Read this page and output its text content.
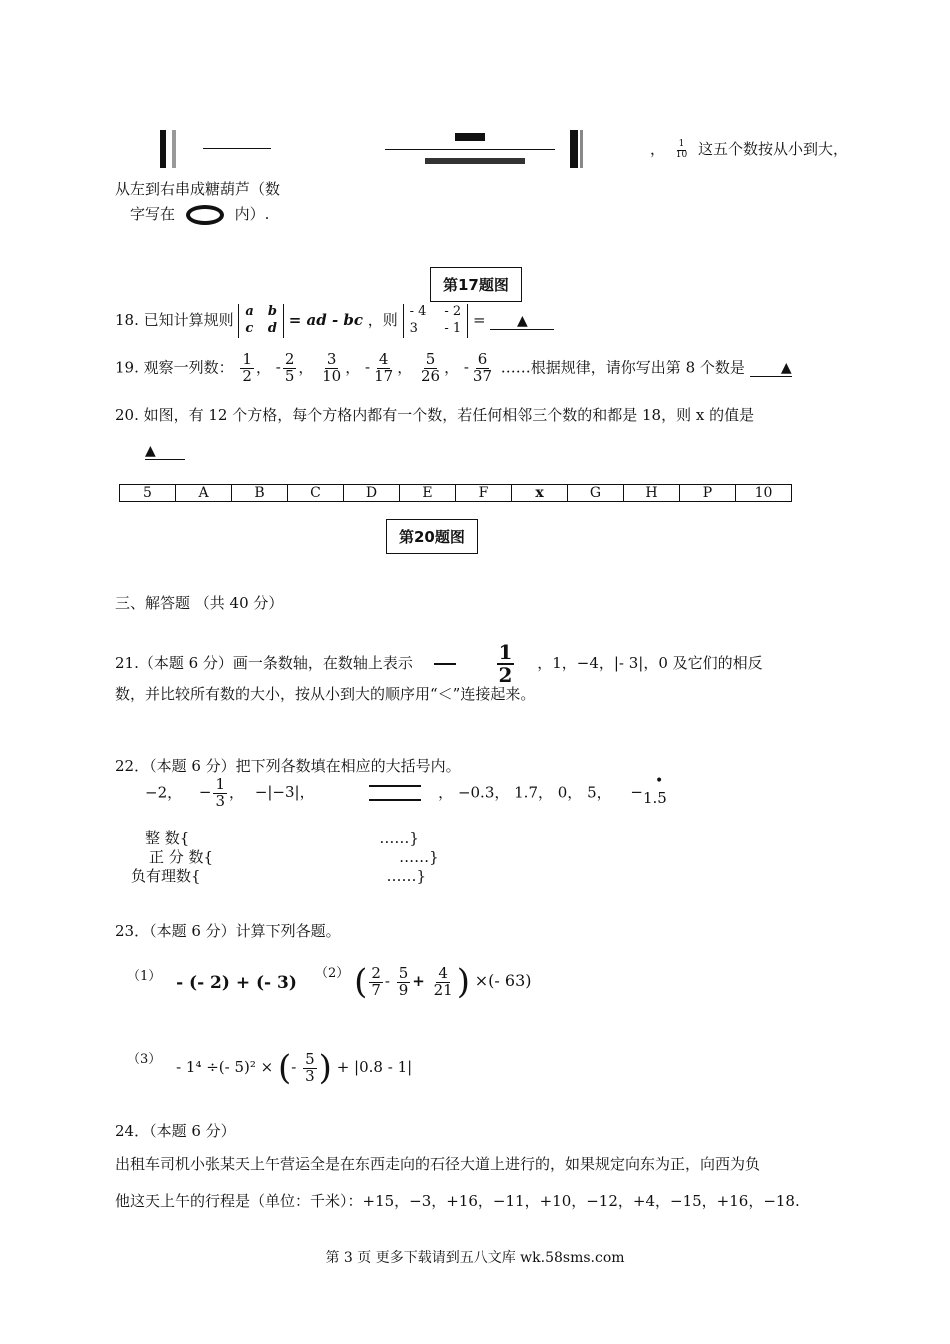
， $\frac{1}{10}$ 这五个数按从小到大，
从左到右串成糖葫芦（数
字写在	内）.
第17题图
18. 已知计算规则 a b
c d = ad - bc ，则 - 4 - 2
3	- 1 = ▲
19. 观察一列数： $\frac{1}{2}$ ， - $\frac{2}{5}$ ， $\frac{3}{10}$ ， - $\frac{4}{17}$ ， $\frac{5}{26}$ ， - $\frac{6}{37}$ ……根据规律，请你写出第 8 个数是	▲
20. 如图，有 12 个方格，每个方格内都有一个数，若任何相邻三个数的和都是 18，则 x 的值是
▲
5	A	B	C	D	E	F	x	G	H	P	10
第20题图
三、解答题 （共 40 分）
21.（本题 6 分）画一条数轴，在数轴上表示	$\frac{1}{2}$ ，1，−4，|- 3|，0 及它们的相反
数，并比较所有数的大小，按从小到大的顺序用“＜”连接起来。
22．（本题 6 分）把下列各数填在相应的大括号内。
−2， − $\frac{1}{3}$ ， −|−3|，	， −0.3， 1.7， 0， 5， −
•
1.5
整 数{	……}
正 分 数{	……}
负有理数{	……}
23．（本题 6 分）计算下列各题。
（1） - (- 2) + (- 3) （2） ( $\frac{2}{7} - \frac{5}{9} + \frac{4}{21}$ ) ×(- 63)
（3） - 1⁴ ÷(- 5)² × (- $\frac{5}{3}$ ) + |0.8 - 1|
24．（本题 6 分）
出租车司机小张某天上午营运全是在东西走向的石径大道上进行的，如果规定向东为正，向西为负
他这天上午的行程是（单位：千米）：+15，−3，+16，−11，+10，−12，+4，−15，+16，−18.
第 3 页 更多下载请到五八文库 wk.58sms.com
